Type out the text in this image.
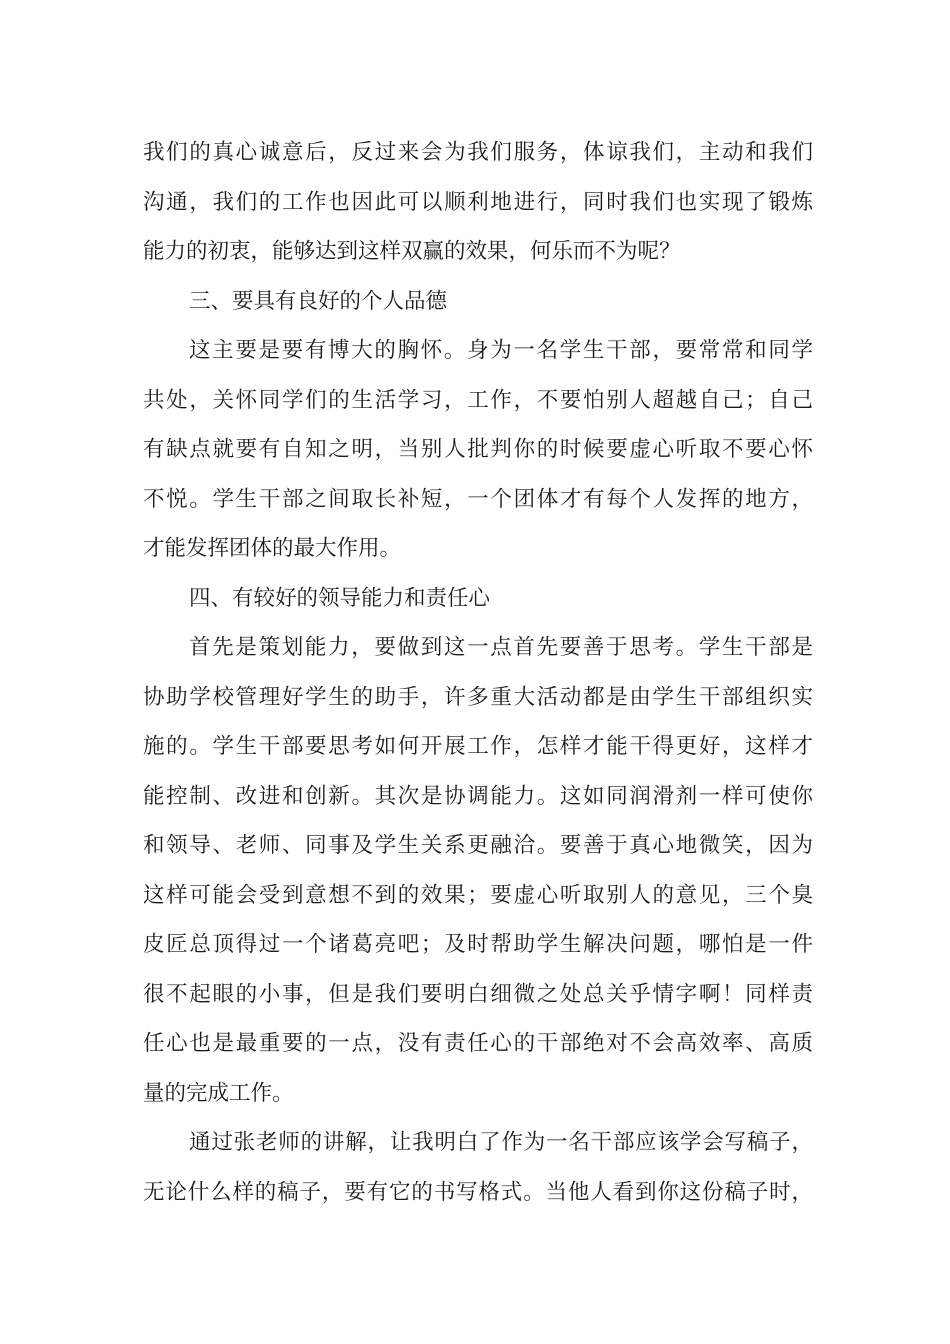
我们的真心诚意后，反过来会为我们服务，体谅我们，主动和我们
沟通，我们的工作也因此可以顺利地进行，同时我们也实现了锻炼
能力的初衷，能够达到这样双赢的效果，何乐而不为呢？
三、要具有良好的个人品德
这主要是要有博大的胸怀。身为一名学生干部，要常常和同学
共处，关怀同学们的生活学习，工作，不要怕别人超越自己；自己
有缺点就要有自知之明，当别人批判你的时候要虚心听取不要心怀
不悦。学生干部之间取长补短，一个团体才有每个人发挥的地方，
才能发挥团体的最大作用。
四、有较好的领导能力和责任心
首先是策划能力，要做到这一点首先要善于思考。学生干部是
协助学校管理好学生的助手，许多重大活动都是由学生干部组织实
施的。学生干部要思考如何开展工作，怎样才能干得更好，这样才
能控制、改进和创新。其次是协调能力。这如同润滑剂一样可使你
和领导、老师、同事及学生关系更融洽。要善于真心地微笑，因为
这样可能会受到意想不到的效果；要虚心听取别人的意见，三个臭
皮匠总顶得过一个诸葛亮吧；及时帮助学生解决问题，哪怕是一件
很不起眼的小事，但是我们要明白细微之处总关乎情字啊！同样责
任心也是最重要的一点，没有责任心的干部绝对不会高效率、高质
量的完成工作。
通过张老师的讲解，让我明白了作为一名干部应该学会写稿子，
无论什么样的稿子，要有它的书写格式。当他人看到你这份稿子时，
